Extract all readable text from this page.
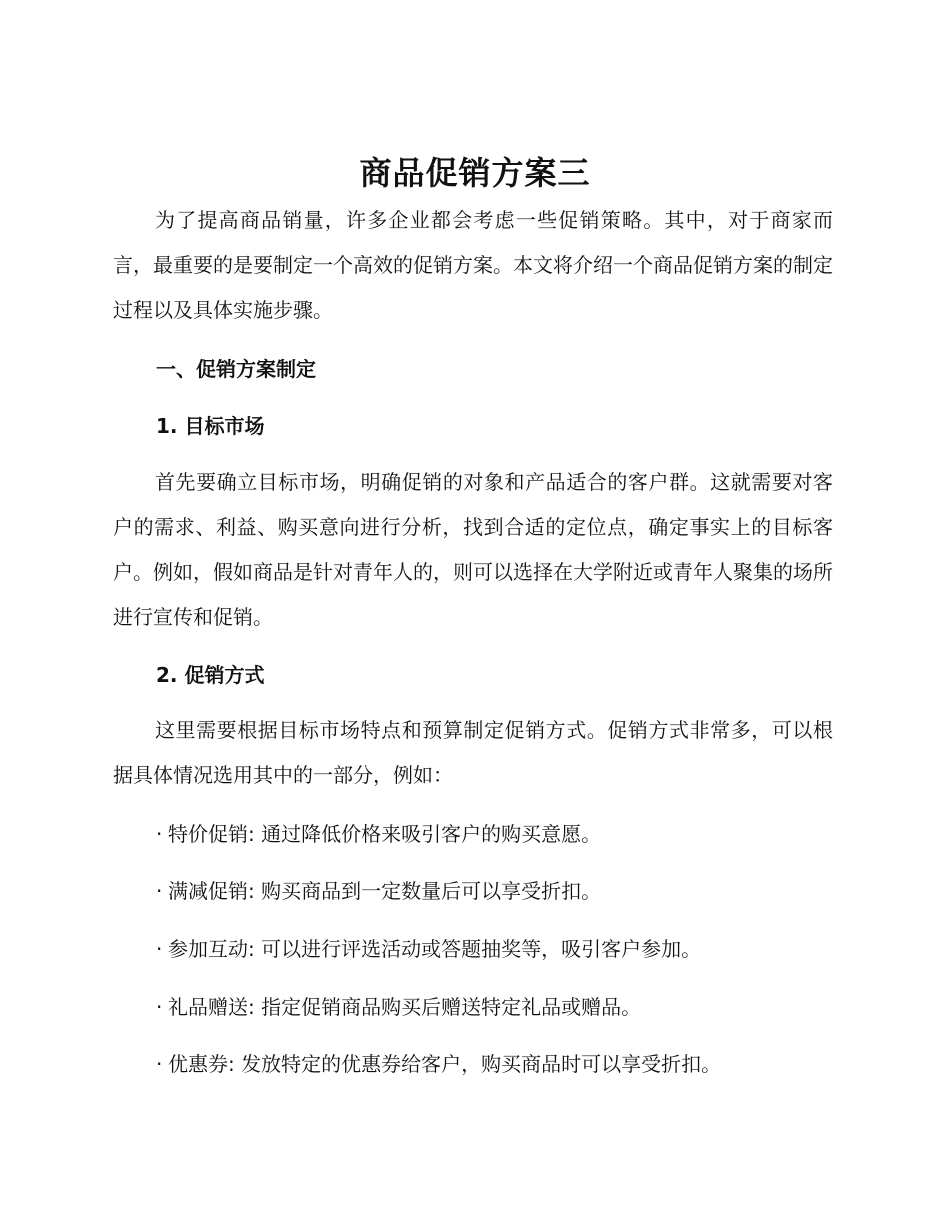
商品促销方案三

为了提高商品销量，许多企业都会考虑一些促销策略。其中，对于商家而言，最重要的是要制定一个高效的促销方案。本文将介绍一个商品促销方案的制定过程以及具体实施步骤。

一、促销方案制定

1. 目标市场

首先要确立目标市场，明确促销的对象和产品适合的客户群。这就需要对客户的需求、利益、购买意向进行分析，找到合适的定位点，确定事实上的目标客户。例如，假如商品是针对青年人的，则可以选择在大学附近或青年人聚集的场所进行宣传和促销。

2. 促销方式

这里需要根据目标市场特点和预算制定促销方式。促销方式非常多，可以根据具体情况选用其中的一部分，例如：

· 特价促销: 通过降低价格来吸引客户的购买意愿。

· 满减促销: 购买商品到一定数量后可以享受折扣。

· 参加互动: 可以进行评选活动或答题抽奖等，吸引客户参加。

· 礼品赠送: 指定促销商品购买后赠送特定礼品或赠品。

· 优惠券: 发放特定的优惠券给客户，购买商品时可以享受折扣。
